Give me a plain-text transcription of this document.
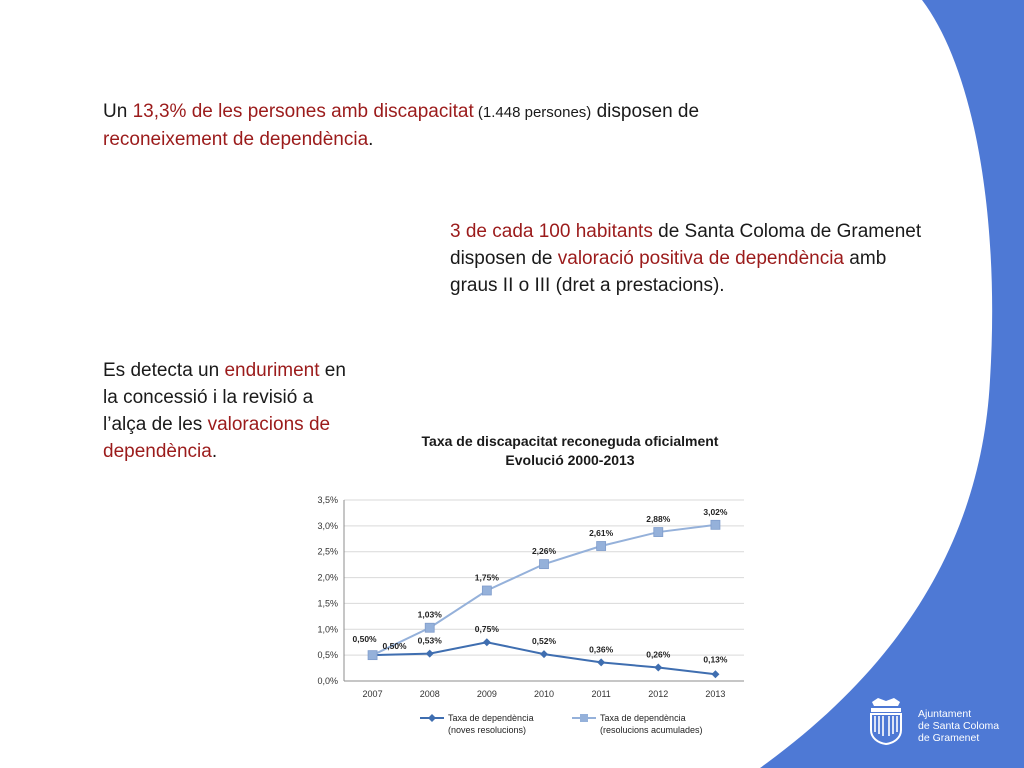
Un 13,3% de les persones amb discapacitat (1.448 persones) disposen de reconeixement de dependència.
3 de cada 100 habitants de Santa Coloma de Gramenet disposen de valoració positiva de dependència amb graus II o III (dret a prestacions).
Es detecta un enduriment en la concessió i la revisió a l’alça de les valoracions de dependència.	Taxa de discapacitat reconeguda oficialment
Evolució 2000-2013
0,0%
0,5%
1,0%
1,5%
2,0%
2,5%
3,0%
3,5%
2007	2008	2009	2010	2011	2012	2013
0,50%
0,53%
0,75%
0,52%
0,36%
0,26%	0,13%
0,50%
1,03%
1,75%
2,26%
2,61%
2,88%
3,02%
Taxa de dependència
(noves resolucions)
Taxa de dependència
(resolucions acumulades)
Ajuntament
de Santa Coloma
de Gramenet
